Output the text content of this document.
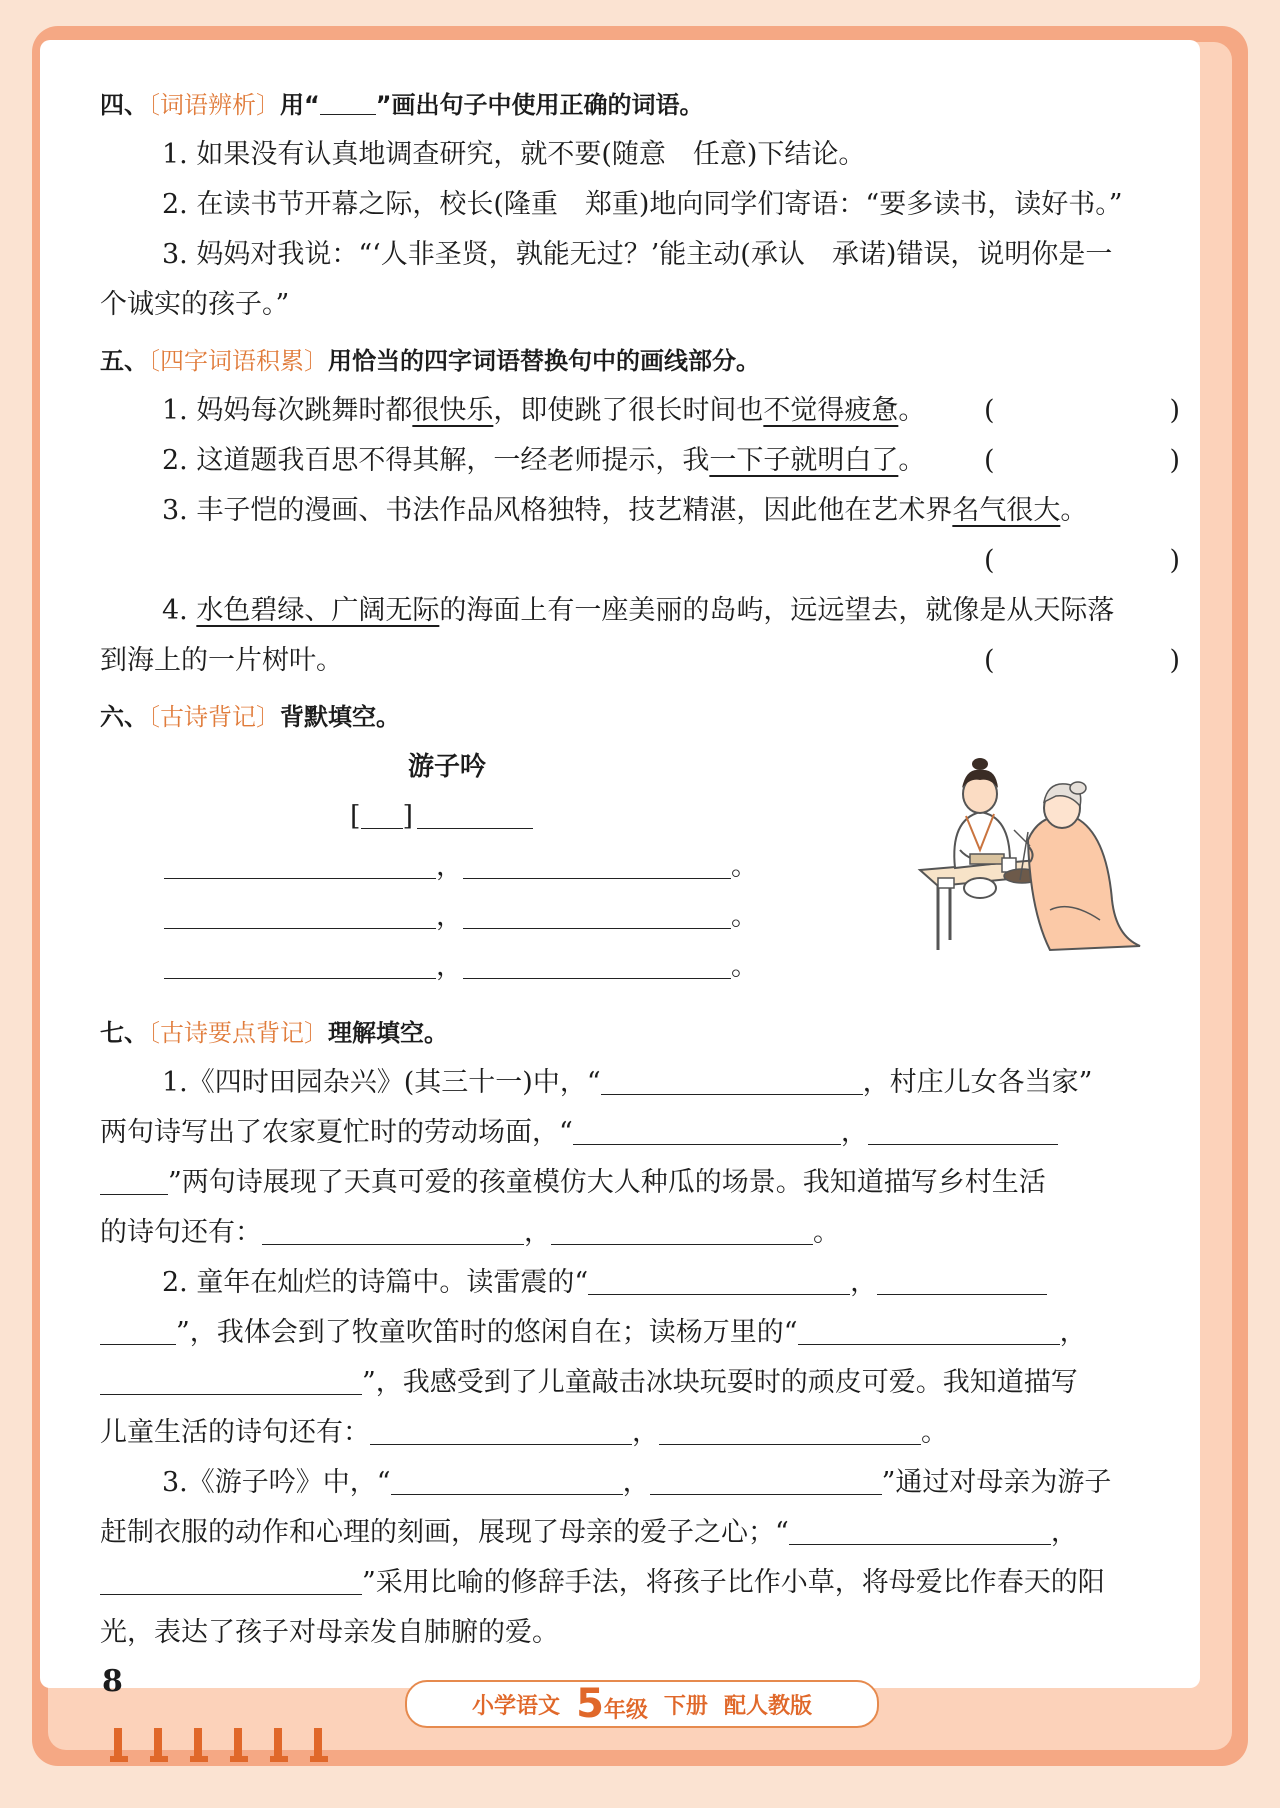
四、〔词语辨析〕用“ ”画出句子中使用正确的词语。
1. 如果没有认真地调查研究，就不要(随意　任意)下结论。
2. 在读书节开幕之际，校长(隆重　郑重)地向同学们寄语：“要多读书，读好书。”
3. 妈妈对我说：“‘人非圣贤，孰能无过？’能主动(承认　承诺)错误，说明你是一
个诚实的孩子。”
五、〔四字词语积累〕用恰当的四字词语替换句中的画线部分。
1. 妈妈每次跳舞时都很快乐，即使跳了很长时间也不觉得疲惫。 (	)
2. 这道题我百思不得其解，一经老师提示，我一下子就明白了。 (	)
3. 丰子恺的漫画、书法作品风格独特，技艺精湛，因此他在艺术界名气很大。
(	)
4. 水色碧绿、广阔无际的海面上有一座美丽的岛屿，远远望去，就像是从天际落
到海上的一片树叶。	(	)
六、〔古诗背记〕背默填空。
游子吟
[ ]
，	。
，	。
，	。
七、〔古诗要点背记〕理解填空。
1.《四时田园杂兴》(其三十一)中，“	，村庄儿女各当家”
两句诗写出了农家夏忙时的劳动场面，“	，
”两句诗展现了天真可爱的孩童模仿大人种瓜的场景。我知道描写乡村生活
的诗句还有：	，	。
2. 童年在灿烂的诗篇中。读雷震的“	，
”，我体会到了牧童吹笛时的悠闲自在；读杨万里的“	，
”，我感受到了儿童敲击冰块玩耍时的顽皮可爱。我知道描写
儿童生活的诗句还有：	，	。
3.《游子吟》中，“	，	”通过对母亲为游子
赶制衣服的动作和心理的刻画，展现了母亲的爱子之心；“	，
”采用比喻的修辞手法，将孩子比作小草，将母爱比作春天的阳
光，表达了孩子对母亲发自肺腑的爱。
8
小学语文 5年级 下册 配人教版
